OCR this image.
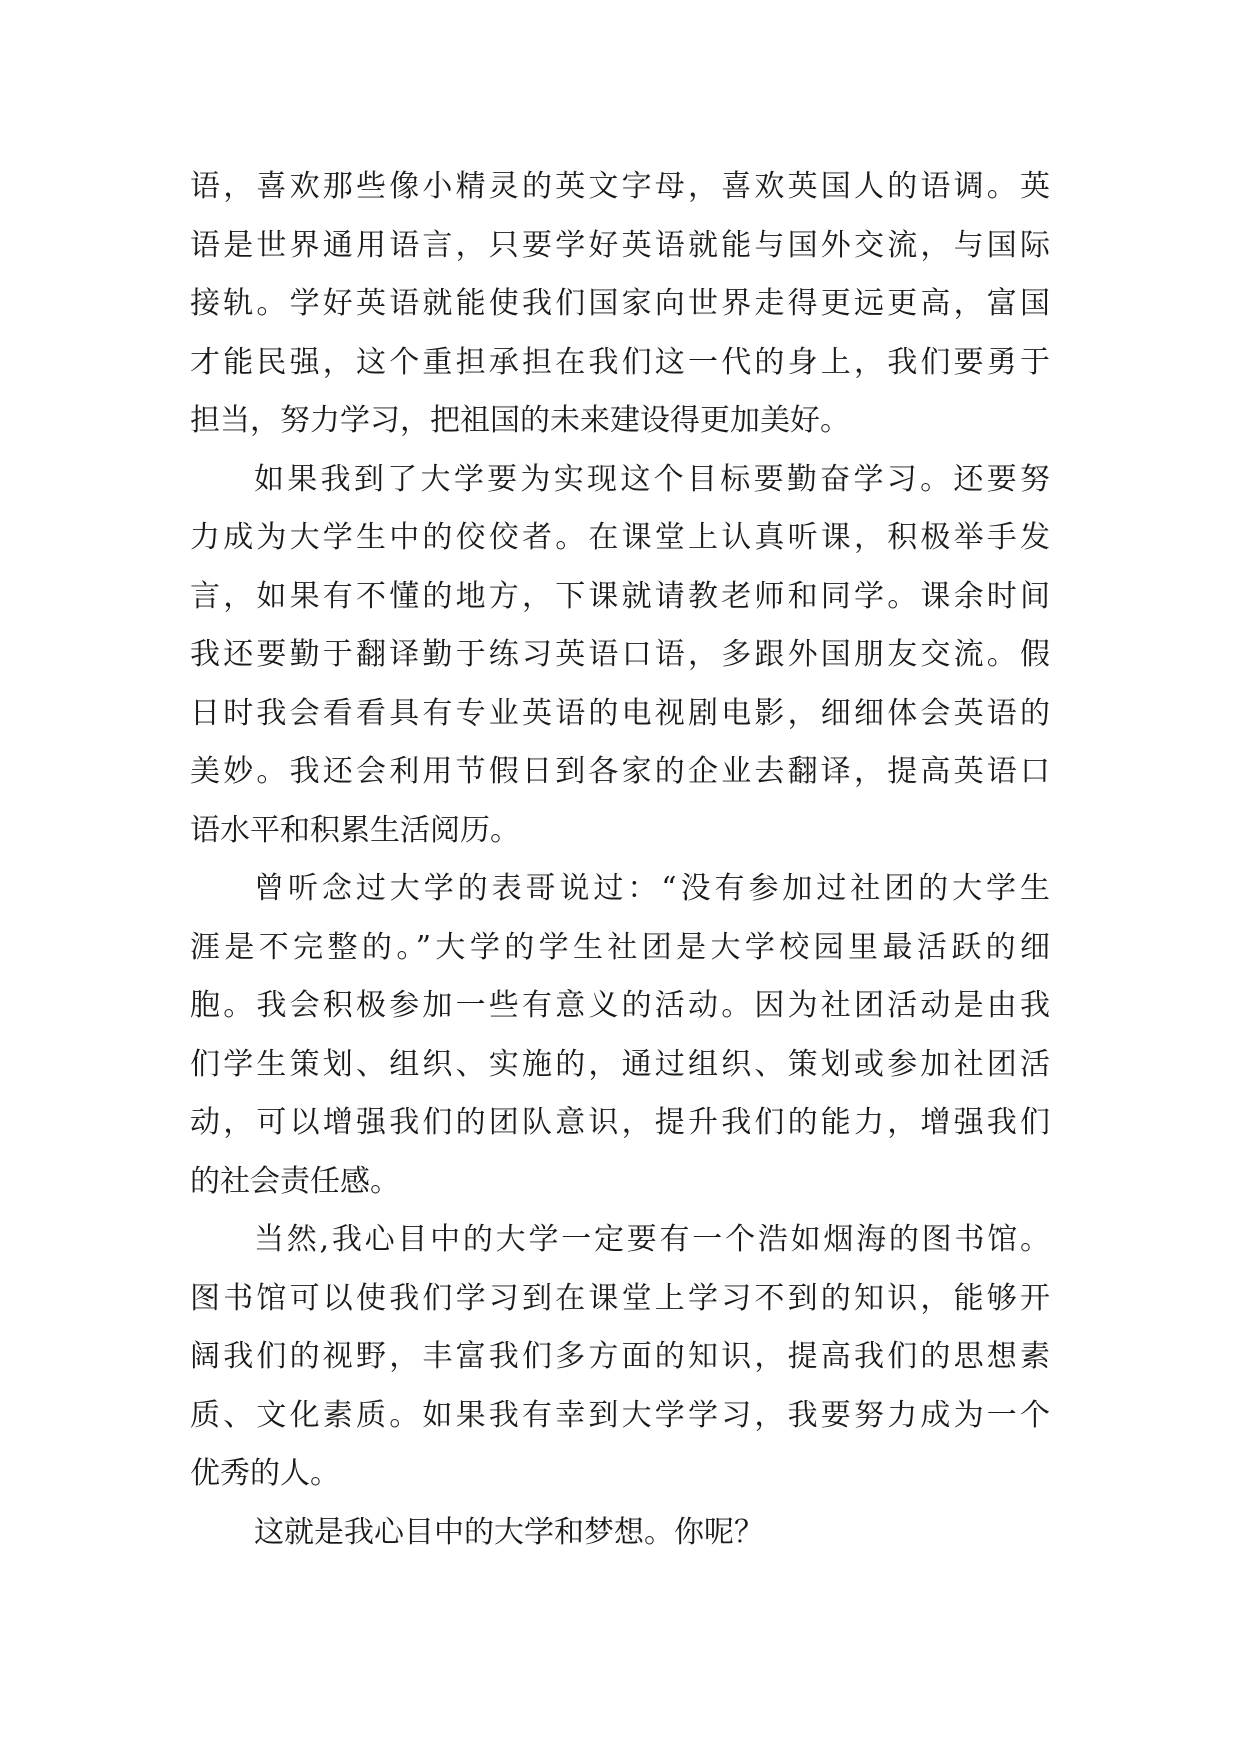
语，喜欢那些像小精灵的英文字母，喜欢英国人的语调。英
语是世界通用语言，只要学好英语就能与国外交流，与国际
接轨。学好英语就能使我们国家向世界走得更远更高，富国
才能民强，这个重担承担在我们这一代的身上，我们要勇于
担当，努力学习，把祖国的未来建设得更加美好。
如果我到了大学要为实现这个目标要勤奋学习。还要努
力成为大学生中的佼佼者。在课堂上认真听课，积极举手发
言，如果有不懂的地方，下课就请教老师和同学。课余时间
我还要勤于翻译勤于练习英语口语，多跟外国朋友交流。假
日时我会看看具有专业英语的电视剧电影，细细体会英语的
美妙。我还会利用节假日到各家的企业去翻译，提高英语口
语水平和积累生活阅历。
曾听念过大学的表哥说过：“没有参加过社团的大学生
涯是不完整的。”大学的学生社团是大学校园里最活跃的细
胞。我会积极参加一些有意义的活动。因为社团活动是由我
们学生策划、组织、实施的，通过组织、策划或参加社团活
动，可以增强我们的团队意识，提升我们的能力，增强我们
的社会责任感。
当然,我心目中的大学一定要有一个浩如烟海的图书馆。
图书馆可以使我们学习到在课堂上学习不到的知识，能够开
阔我们的视野，丰富我们多方面的知识，提高我们的思想素
质、文化素质。如果我有幸到大学学习，我要努力成为一个
优秀的人。
这就是我心目中的大学和梦想。你呢？
